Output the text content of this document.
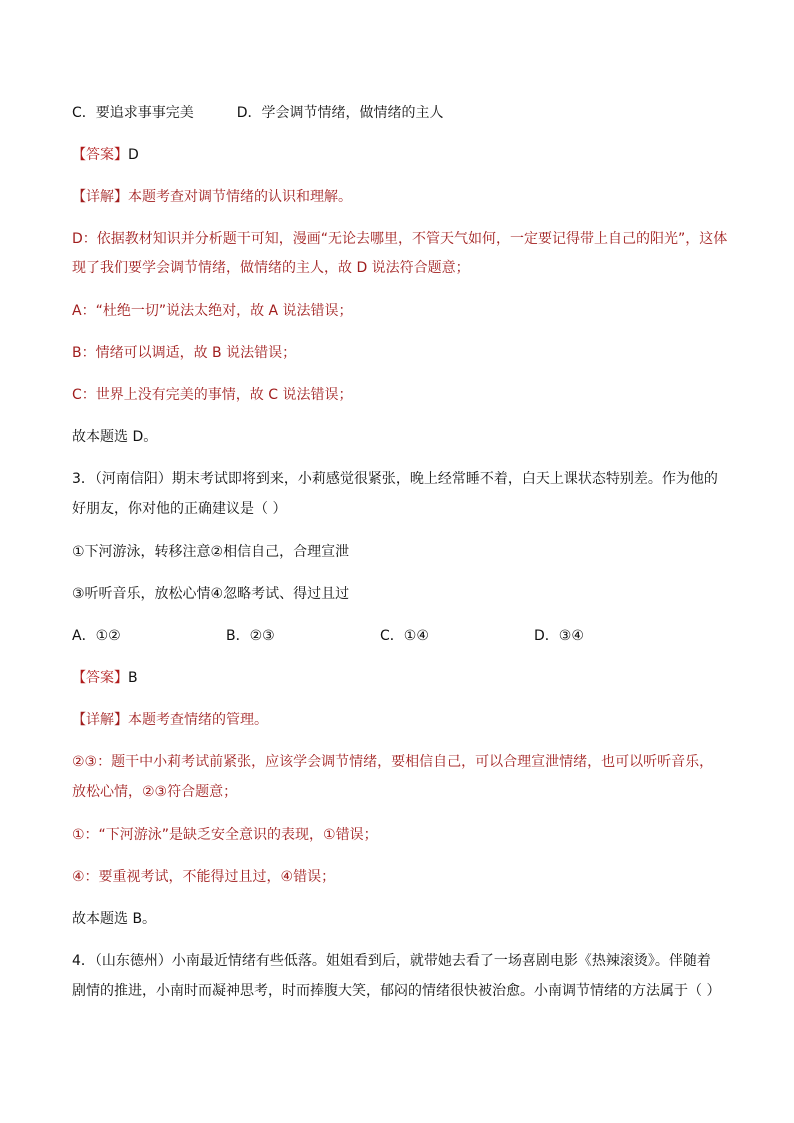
C．要追求事事完美	D．学会调节情绪，做情绪的主人
【答案】D
【详解】本题考查对调节情绪的认识和理解。
D：依据教材知识并分析题干可知，漫画“无论去哪里，不管天气如何，一定要记得带上自己的阳光”，这体
现了我们要学会调节情绪，做情绪的主人，故 D 说法符合题意；
A：“杜绝一切”说法太绝对，故 A 说法错误；
B：情绪可以调适，故 B 说法错误；
C：世界上没有完美的事情，故 C 说法错误；
故本题选 D。
3．（河南信阳）期末考试即将到来，小莉感觉很紧张，晚上经常睡不着，白天上课状态特别差。作为他的
好朋友，你对他的正确建议是（ ）
①下河游泳，转移注意②相信自己，合理宣泄
③听听音乐，放松心情④忽略考试、得过且过
A．①②	B．②③	C．①④	D．③④
【答案】B
【详解】本题考查情绪的管理。
②③：题干中小莉考试前紧张，应该学会调节情绪，要相信自己，可以合理宣泄情绪，也可以听听音乐，
放松心情，②③符合题意；
①：“下河游泳”是缺乏安全意识的表现，①错误；
④：要重视考试，不能得过且过，④错误；
故本题选 B。
4．（山东德州）小南最近情绪有些低落。姐姐看到后，就带她去看了一场喜剧电影《热辣滚烫》。伴随着
剧情的推进，小南时而凝神思考，时而捧腹大笑，郁闷的情绪很快被治愈。小南调节情绪的方法属于（ ）
